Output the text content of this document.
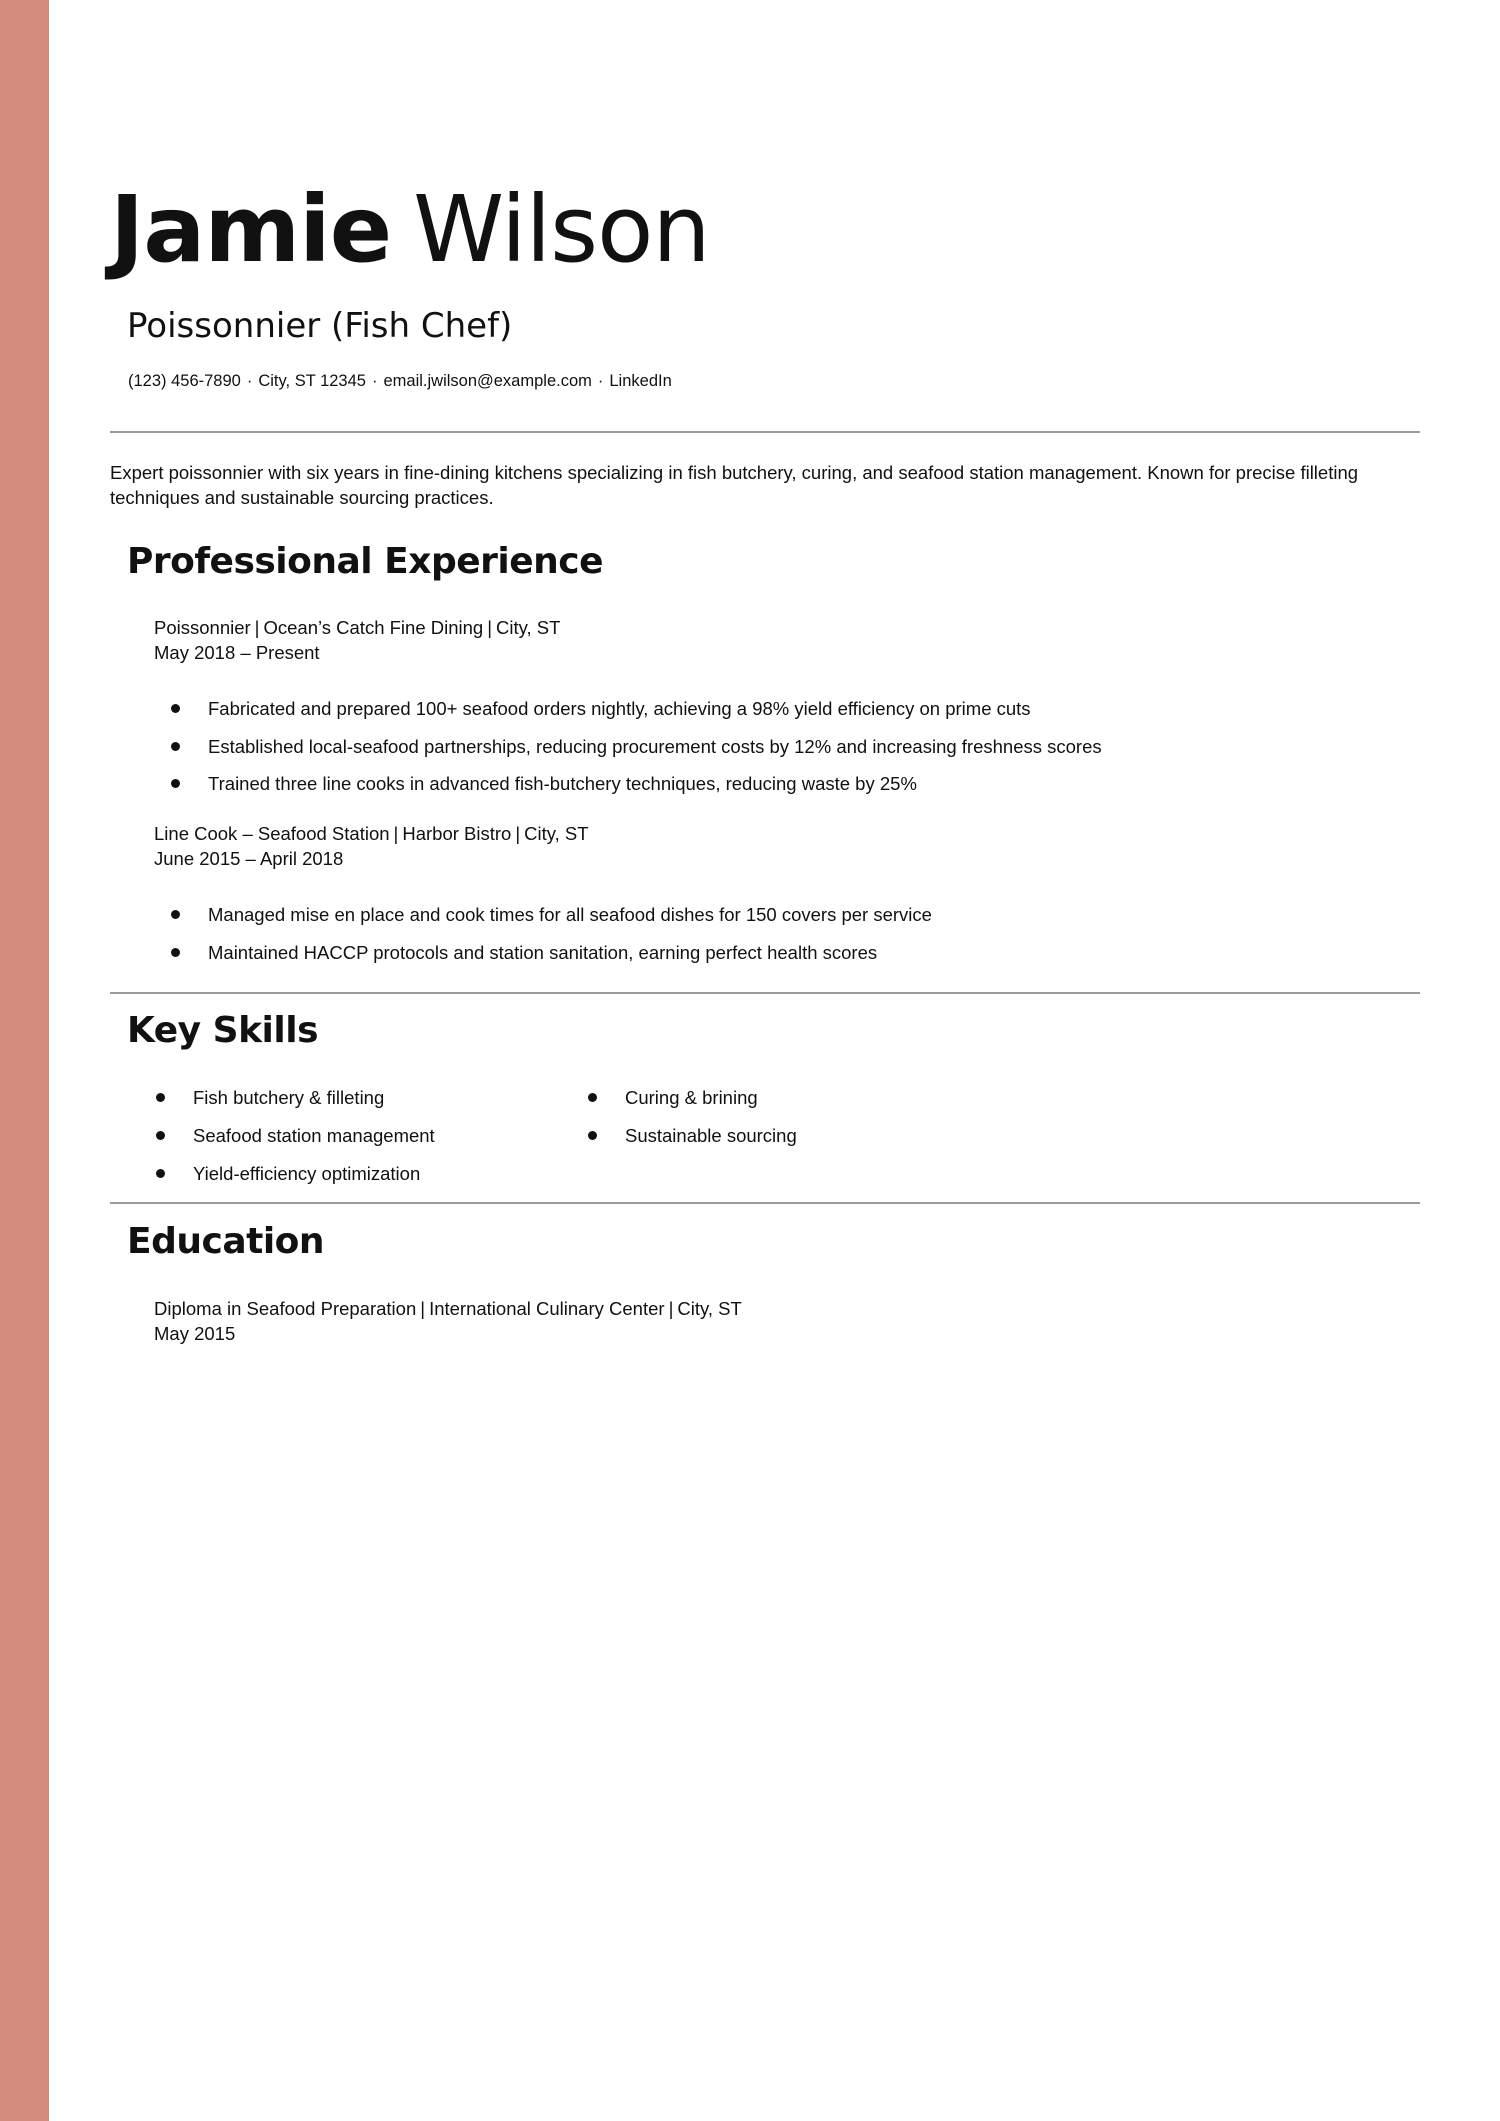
Jamie Wilson
Poissonnier (Fish Chef)
(123) 456-7890 · City, ST 12345 · email.jwilson@example.com · LinkedIn

Expert poissonnier with six years in fine-dining kitchens specializing in fish butchery, curing, and seafood station management. Known for precise filleting techniques and sustainable sourcing practices.

Professional Experience
Poissonnier | Ocean’s Catch Fine Dining | City, ST
May 2018 – Present
Fabricated and prepared 100+ seafood orders nightly, achieving a 98% yield efficiency on prime cuts
Established local-seafood partnerships, reducing procurement costs by 12% and increasing freshness scores
Trained three line cooks in advanced fish-butchery techniques, reducing waste by 25%
Line Cook – Seafood Station | Harbor Bistro | City, ST
June 2015 – April 2018
Managed mise en place and cook times for all seafood dishes for 150 covers per service
Maintained HACCP protocols and station sanitation, earning perfect health scores
Key Skills
Fish butchery & filleting
Seafood station management
Yield-efficiency optimization
Curing & brining
Sustainable sourcing
Education
Diploma in Seafood Preparation | International Culinary Center | City, ST
May 2015
